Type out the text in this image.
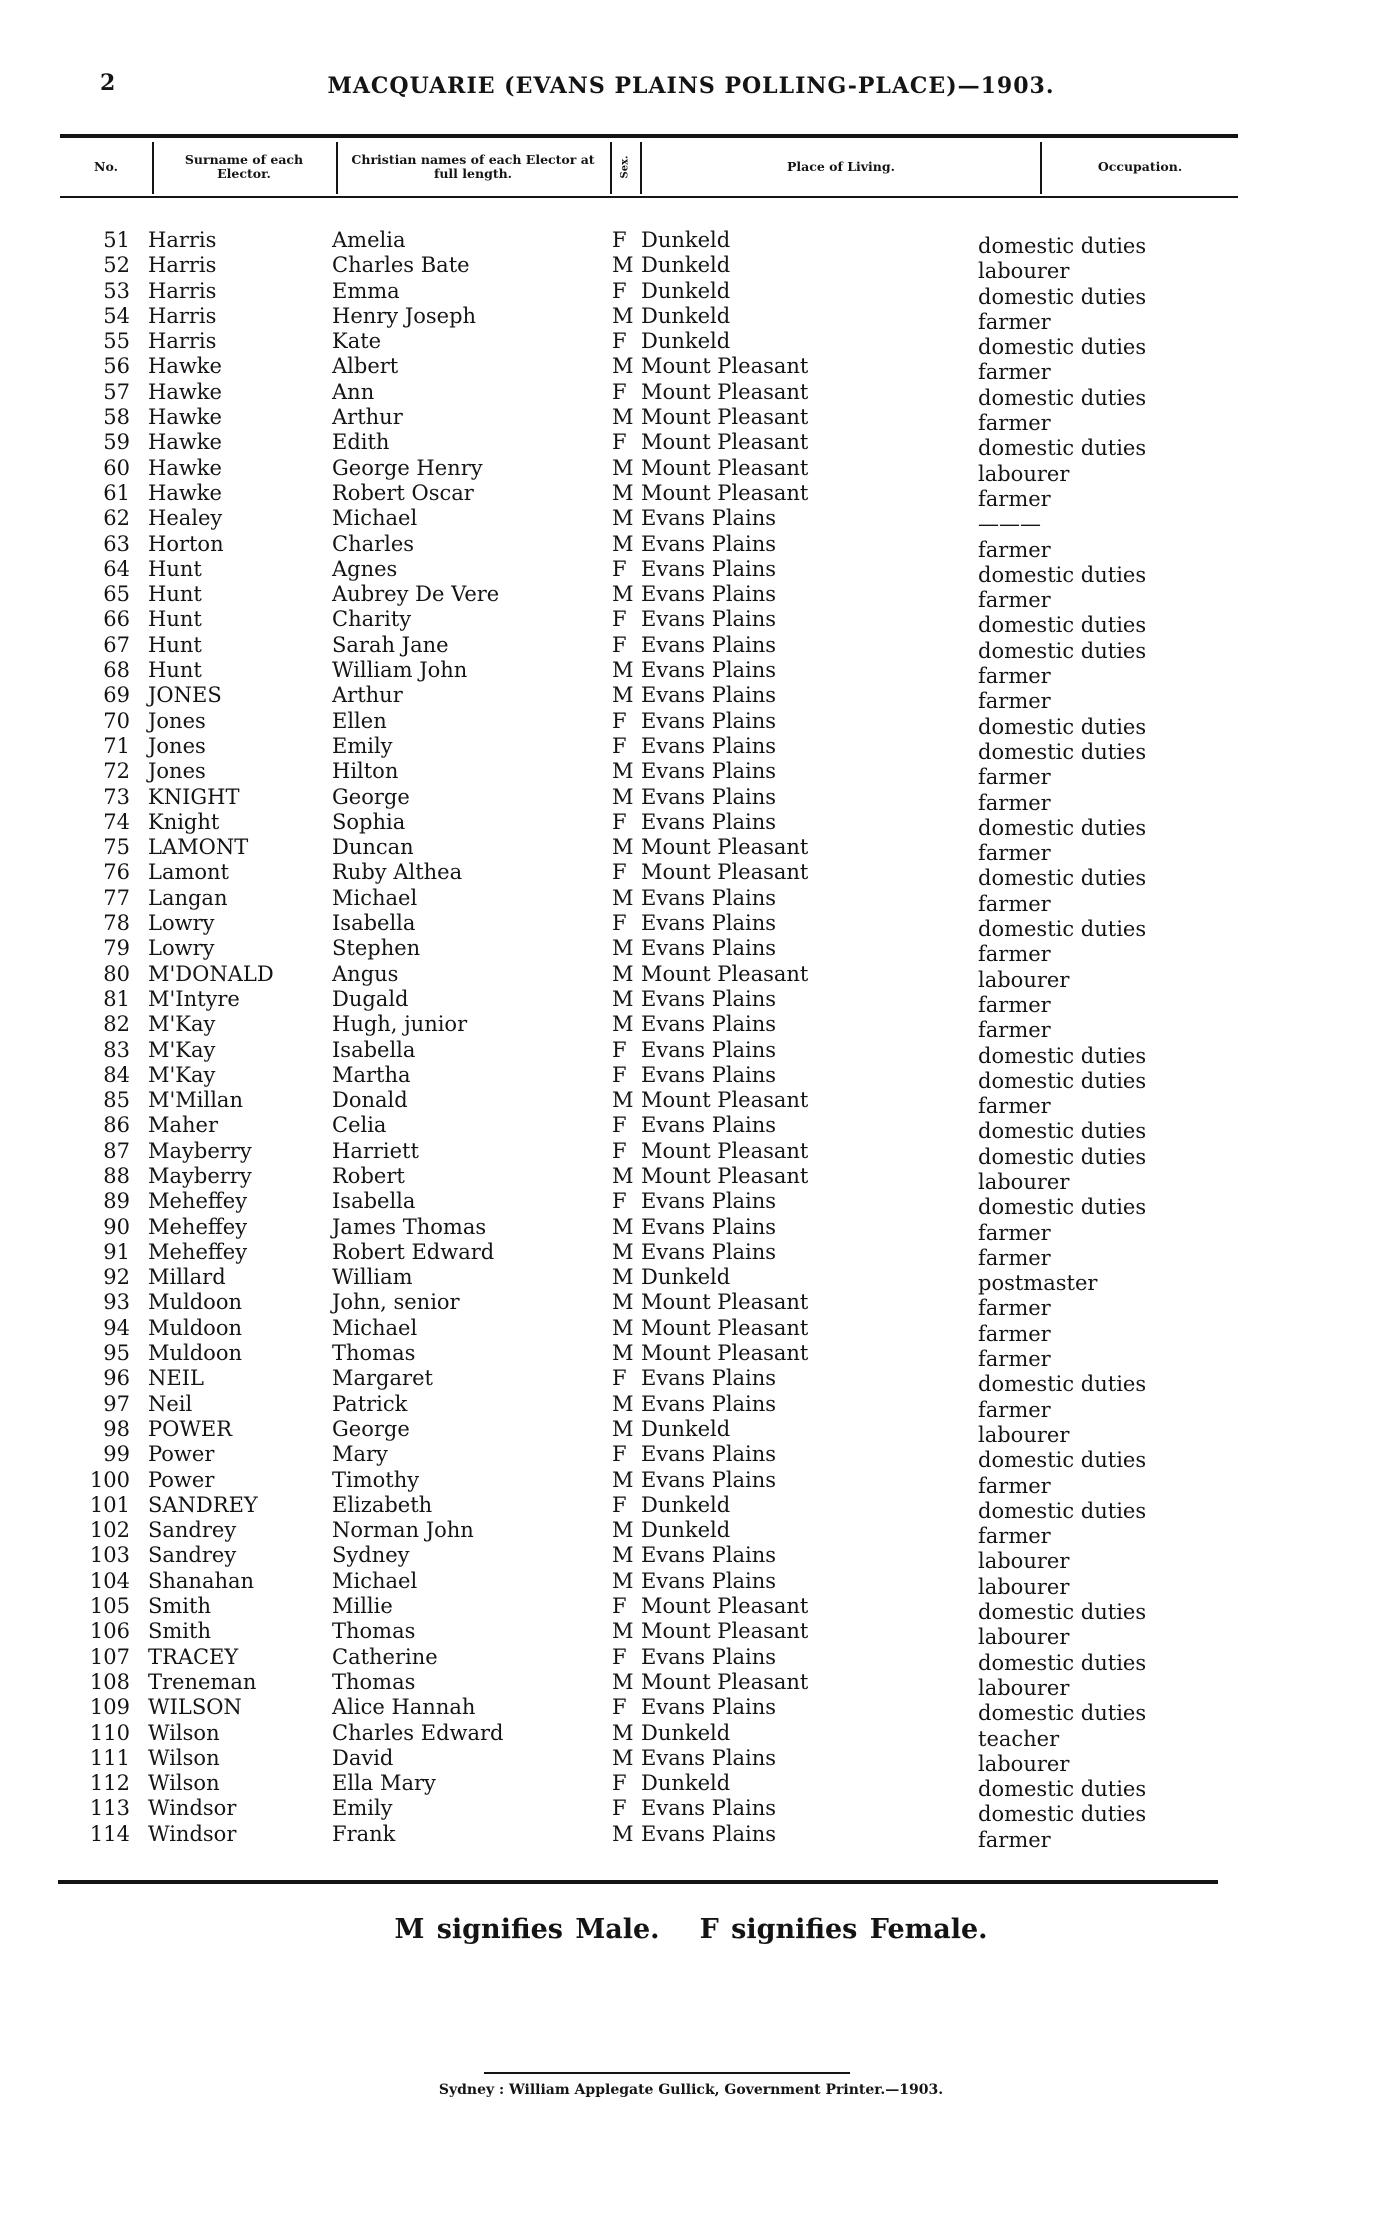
2	MACQUARIE (EVANS PLAINS POLLING-PLACE)—1903.
No.	Surname of each Elector.
Christian names of each Elector at full length.	Sex.	Place of Living.	Occupation.
51 Harris	Amelia	F Dunkeld	domestic duties
52 Harris	Charles Bate	M Dunkeld	labourer
53 Harris	Emma	F Dunkeld	domestic duties
54 Harris	Henry Joseph	M Dunkeld	farmer
55 Harris	Kate	F Dunkeld	domestic duties
56 Hawke	Albert	M Mount Pleasant	farmer
57 Hawke	Ann	F Mount Pleasant	domestic duties
58 Hawke	Arthur	M Mount Pleasant	farmer
59 Hawke	Edith	F Mount Pleasant	domestic duties
60 Hawke	George Henry	M Mount Pleasant	labourer
61 Hawke	Robert Oscar	M Mount Pleasant	farmer
62 Healey	Michael	M Evans Plains	———
63 Horton	Charles	M Evans Plains	farmer
64 Hunt	Agnes	F Evans Plains	domestic duties
65 Hunt	Aubrey De Vere	M Evans Plains	farmer
66 Hunt	Charity	F Evans Plains	domestic duties
67 Hunt	Sarah Jane	F Evans Plains	domestic duties
68 Hunt	William John	M Evans Plains	farmer
69 JONES	Arthur	M Evans Plains	farmer
70 Jones	Ellen	F Evans Plains	domestic duties
71 Jones	Emily	F Evans Plains	domestic duties
72 Jones	Hilton	M Evans Plains	farmer
73 KNIGHT	George	M Evans Plains	farmer
74 Knight	Sophia	F Evans Plains	domestic duties
75 LAMONT	Duncan	M Mount Pleasant	farmer
76 Lamont	Ruby Althea	F Mount Pleasant	domestic duties
77 Langan	Michael	M Evans Plains	farmer
78 Lowry	Isabella	F Evans Plains	domestic duties
79 Lowry	Stephen	M Evans Plains	farmer
80 M'DONALD	Angus	M Mount Pleasant	labourer
81 M'Intyre	Dugald	M Evans Plains	farmer
82 M'Kay	Hugh, junior	M Evans Plains	farmer
83 M'Kay	Isabella	F Evans Plains	domestic duties
84 M'Kay	Martha	F Evans Plains	domestic duties
85 M'Millan	Donald	M Mount Pleasant	farmer
86 Maher	Celia	F Evans Plains	domestic duties
87 Mayberry	Harriett	F Mount Pleasant	domestic duties
88 Mayberry	Robert	M Mount Pleasant	labourer
89 Meheffey	Isabella	F Evans Plains	domestic duties
90 Meheffey	James Thomas	M Evans Plains	farmer
91 Meheffey	Robert Edward	M Evans Plains	farmer
92 Millard	William	M Dunkeld	postmaster
93 Muldoon	John, senior	M Mount Pleasant	farmer
94 Muldoon	Michael	M Mount Pleasant	farmer
95 Muldoon	Thomas	M Mount Pleasant	farmer
96 NEIL	Margaret	F Evans Plains	domestic duties
97 Neil	Patrick	M Evans Plains	farmer
98 POWER	George	M Dunkeld	labourer
99 Power	Mary	F Evans Plains	domestic duties
100 Power	Timothy	M Evans Plains	farmer
101 SANDREY	Elizabeth	F Dunkeld	domestic duties
102 Sandrey	Norman John	M Dunkeld	farmer
103 Sandrey	Sydney	M Evans Plains	labourer
104 Shanahan	Michael	M Evans Plains	labourer
105 Smith	Millie	F Mount Pleasant	domestic duties
106 Smith	Thomas	M Mount Pleasant	labourer
107 TRACEY	Catherine	F Evans Plains	domestic duties
108 Treneman	Thomas	M Mount Pleasant	labourer
109 WILSON	Alice Hannah	F Evans Plains	domestic duties
110 Wilson	Charles Edward	M Dunkeld	teacher
111 Wilson	David	M Evans Plains	labourer
112 Wilson	Ella Mary	F Dunkeld	domestic duties
113 Windsor	Emily	F Evans Plains	domestic duties
114 Windsor	Frank	M Evans Plains	farmer
M signifies Male. F signifies Female.
Sydney : William Applegate Gullick, Government Printer.—1903.
